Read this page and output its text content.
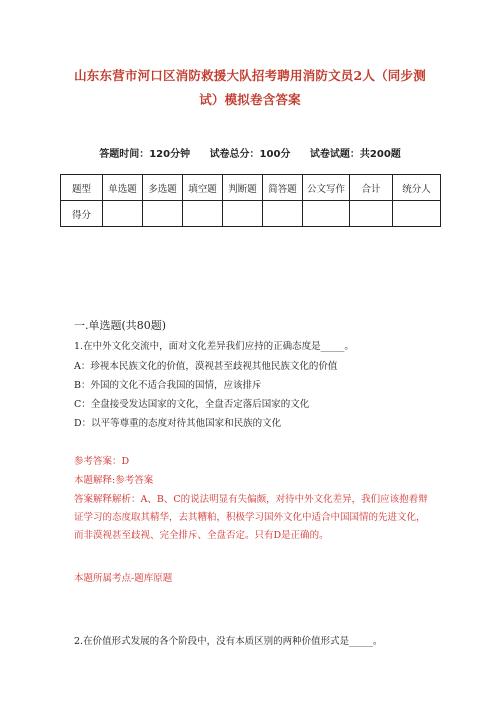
山东东营市河口区消防救援大队招考聘用消防文员2人（同步测
试）模拟卷含答案
答题时间：120分钟 试卷总分：100分 试卷试题：共200题
题型	单选题	多选题	填空题	判断题	简答题	公文写作	合计	统分人
得分								
一.单选题(共80题)
1.在中外文化交流中，面对文化差异我们应持的正确态度是_____。
A：珍视本民族文化的价值，漠视甚至歧视其他民族文化的价值
B：外国的文化不适合我国的国情，应该排斥
C：全盘接受发达国家的文化，全盘否定落后国家的文化
D：以平等尊重的态度对待其他国家和民族的文化
参考答案：D
本题解释:参考答案
答案解释解析：A、B、C的说法明显有失偏颇，对待中外文化差异，我们应该抱着辩证学习的态度取其精华，去其糟粕，积极学习国外文化中适合中国国情的先进文化，而非漠视甚至歧视、完全排斥、全盘否定。只有D是正确的。
本题所属考点-题库原题
2.在价值形式发展的各个阶段中，没有本质区别的两种价值形式是_____。
